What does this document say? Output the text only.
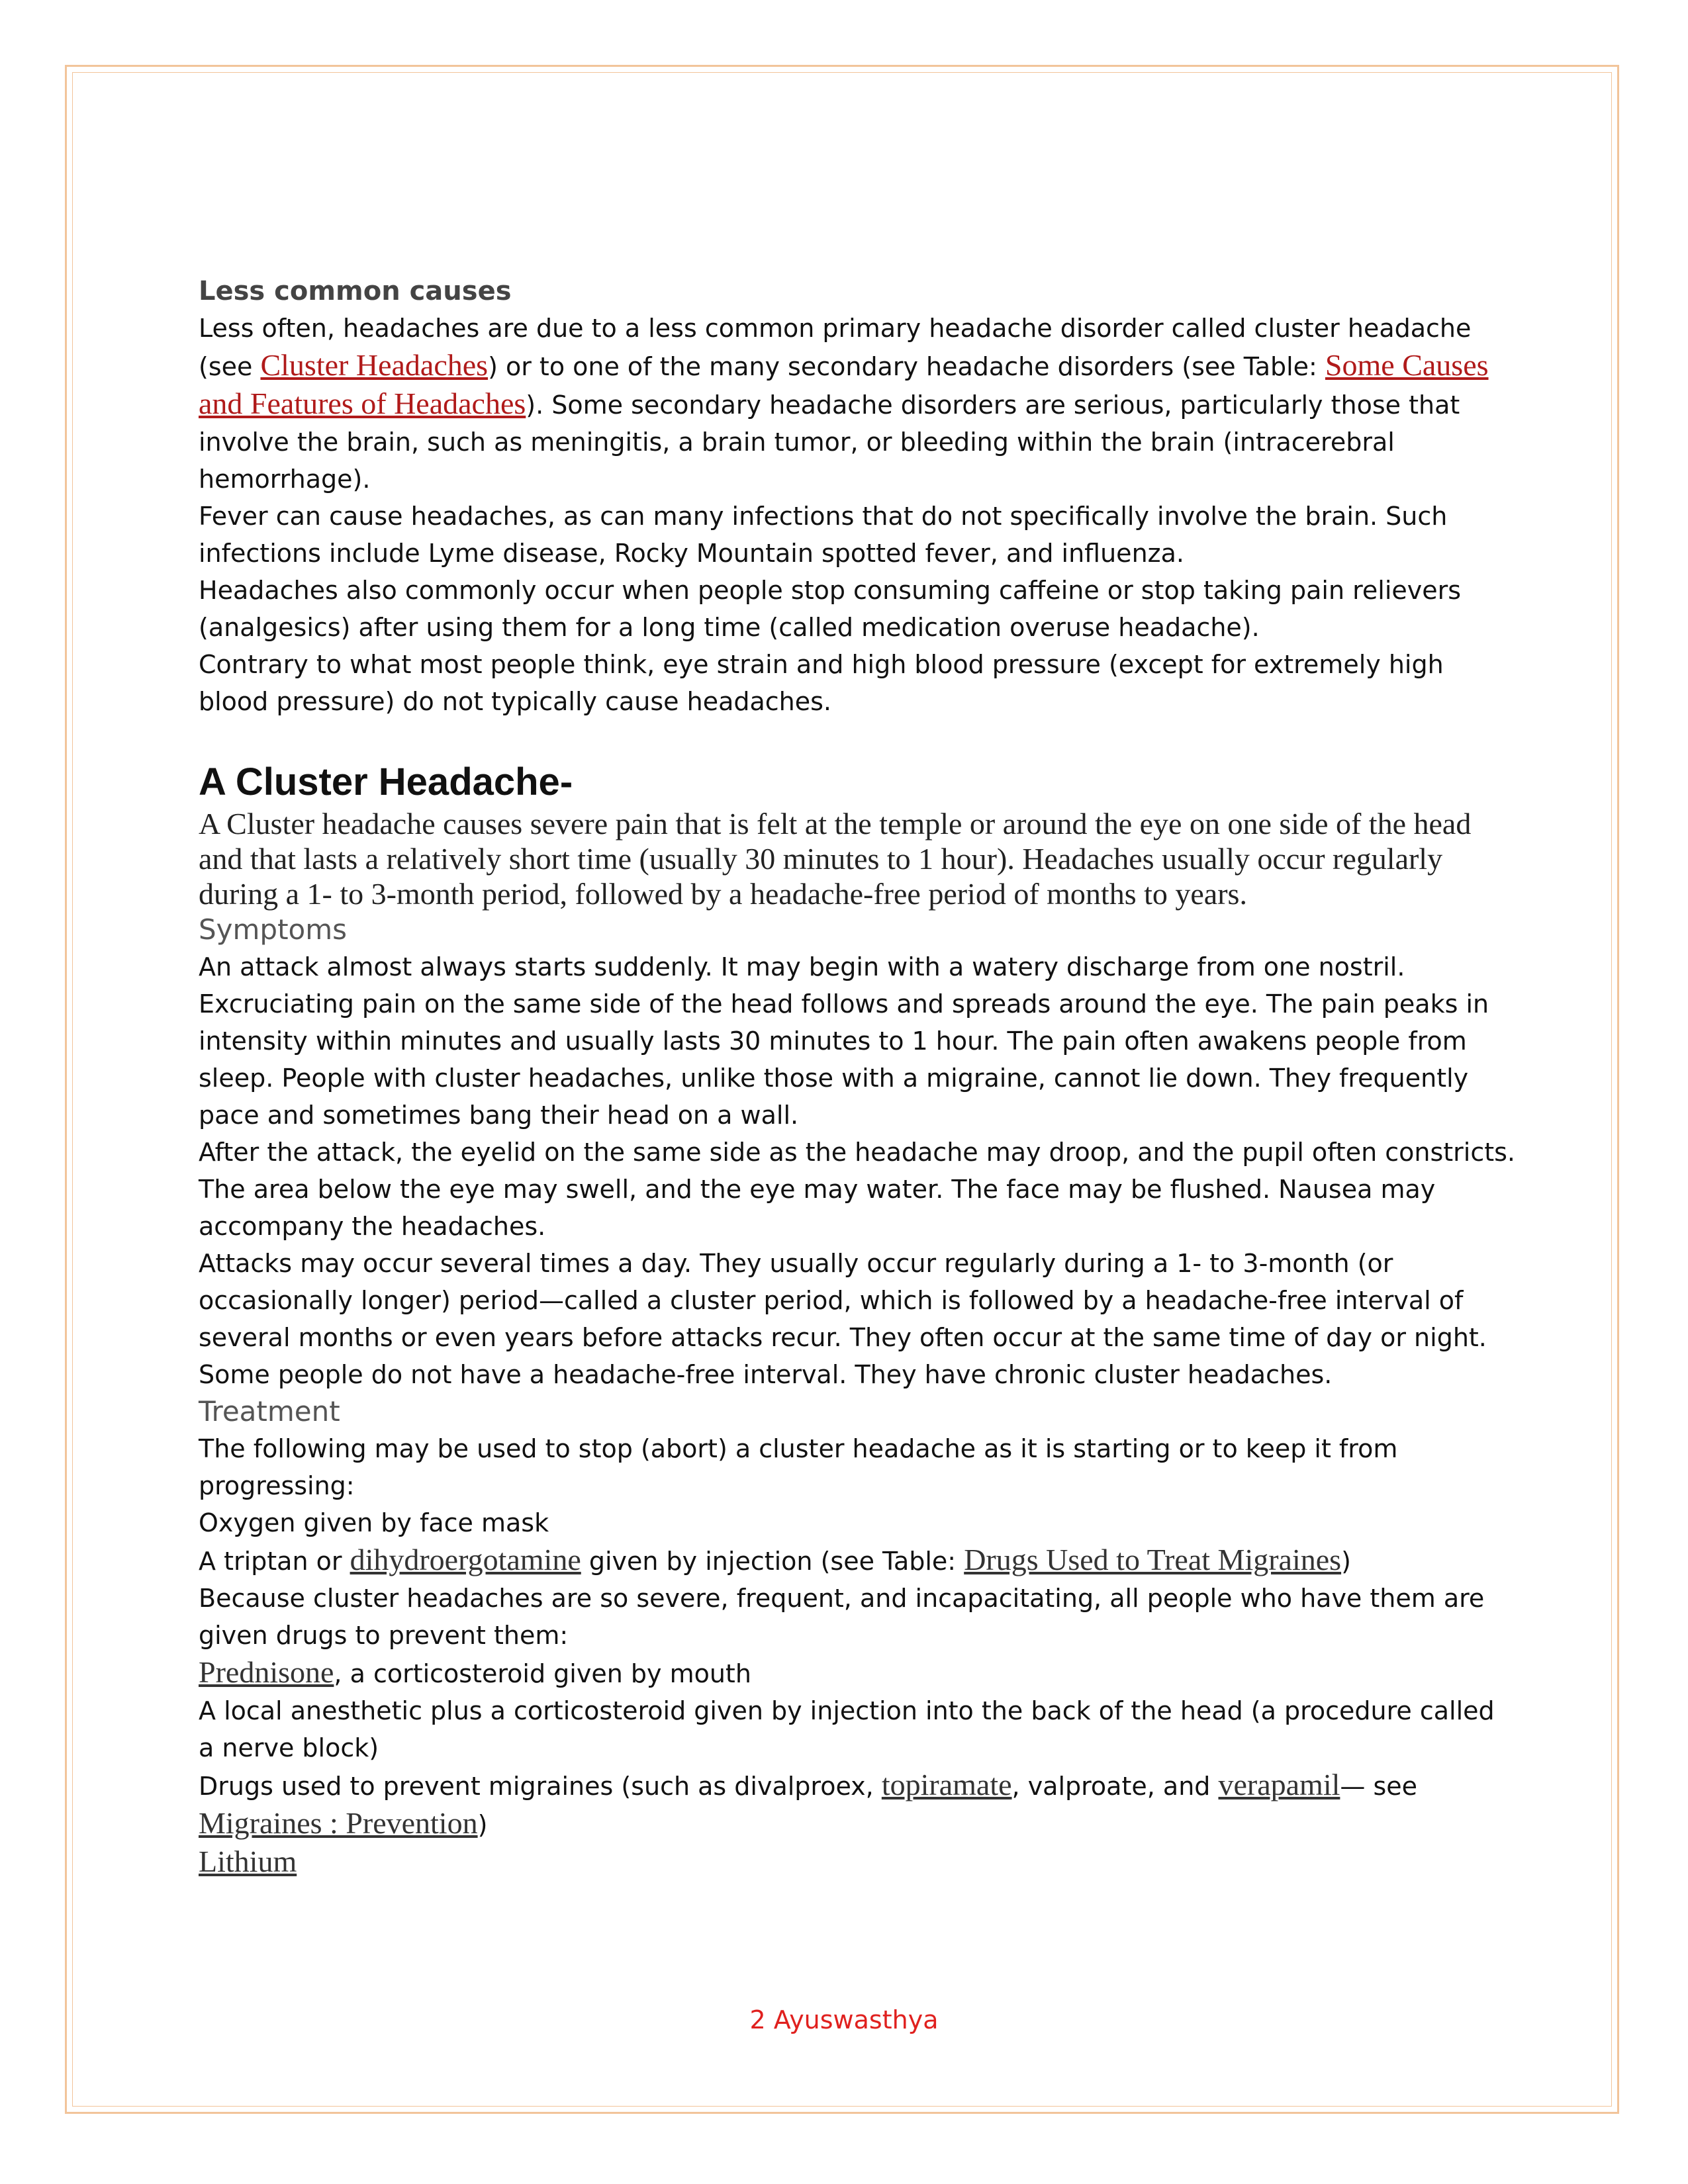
Less common causes

Less often, headaches are due to a less common primary headache disorder called cluster headache (see Cluster Headaches) or to one of the many secondary headache disorders (see Table: Some Causes and Features of Headaches). Some secondary headache disorders are serious, particularly those that involve the brain, such as meningitis, a brain tumor, or bleeding within the brain (intracerebral hemorrhage).

Fever can cause headaches, as can many infections that do not specifically involve the brain. Such infections include Lyme disease, Rocky Mountain spotted fever, and influenza.

Headaches also commonly occur when people stop consuming caffeine or stop taking pain relievers (analgesics) after using them for a long time (called medication overuse headache).

Contrary to what most people think, eye strain and high blood pressure (except for extremely high blood pressure) do not typically cause headaches.

A Cluster Headache-

A Cluster headache causes severe pain that is felt at the temple or around the eye on one side of the head and that lasts a relatively short time (usually 30 minutes to 1 hour). Headaches usually occur regularly during a 1- to 3-month period, followed by a headache-free period of months to years.

Symptoms

An attack almost always starts suddenly. It may begin with a watery discharge from one nostril. Excruciating pain on the same side of the head follows and spreads around the eye. The pain peaks in intensity within minutes and usually lasts 30 minutes to 1 hour. The pain often awakens people from sleep. People with cluster headaches, unlike those with a migraine, cannot lie down. They frequently pace and sometimes bang their head on a wall.

After the attack, the eyelid on the same side as the headache may droop, and the pupil often constricts. The area below the eye may swell, and the eye may water. The face may be flushed. Nausea may accompany the headaches.

Attacks may occur several times a day. They usually occur regularly during a 1- to 3-month (or occasionally longer) period—called a cluster period, which is followed by a headache-free interval of several months or even years before attacks recur. They often occur at the same time of day or night. Some people do not have a headache-free interval. They have chronic cluster headaches.

Treatment

The following may be used to stop (abort) a cluster headache as it is starting or to keep it from progressing:

Oxygen given by face mask

A triptan or dihydroergotamine given by injection (see Table: Drugs Used to Treat Migraines)

Because cluster headaches are so severe, frequent, and incapacitating, all people who have them are given drugs to prevent them:

Prednisone, a corticosteroid given by mouth

A local anesthetic plus a corticosteroid given by injection into the back of the head (a procedure called a nerve block)

Drugs used to prevent migraines (such as divalproex, topiramate, valproate, and verapamil— see Migraines : Prevention)

Lithium

2 Ayuswasthya
